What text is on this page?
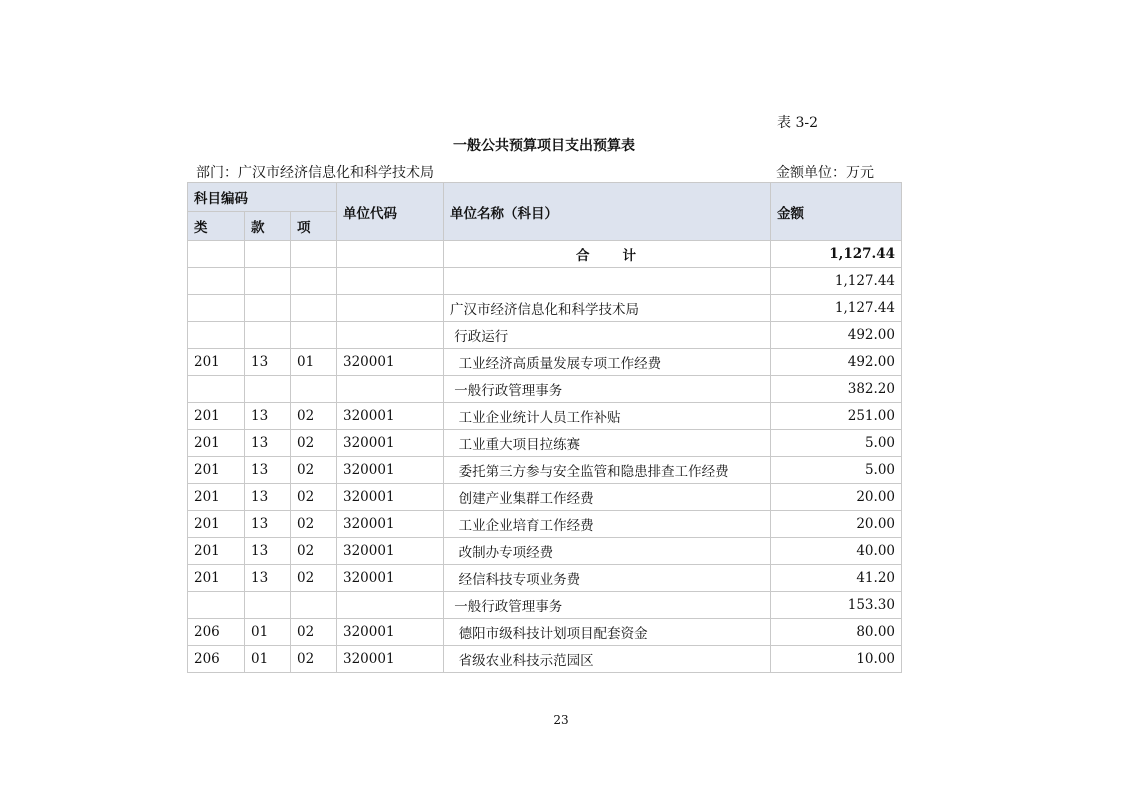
表 3-2
一般公共预算项目支出预算表
部门：广汉市经济信息化和科学技术局	金额单位：万元
科目编码			单位代码	单位名称（科目）	金额
类	款	项			
				合　　计	1,127.44
					1,127.44
				广汉市经济信息化和科学技术局	1,127.44
				行政运行	492.00
201	13	01	320001	工业经济高质量发展专项工作经费	492.00
				一般行政管理事务	382.20
201	13	02	320001	工业企业统计人员工作补贴	251.00
201	13	02	320001	工业重大项目拉练赛	5.00
201	13	02	320001	委托第三方参与安全监管和隐患排查工作经费	5.00
201	13	02	320001	创建产业集群工作经费	20.00
201	13	02	320001	工业企业培育工作经费	20.00
201	13	02	320001	改制办专项经费	40.00
201	13	02	320001	经信科技专项业务费	41.20
				一般行政管理事务	153.30
206	01	02	320001	德阳市级科技计划项目配套资金	80.00
206	01	02	320001	省级农业科技示范园区	10.00
23
